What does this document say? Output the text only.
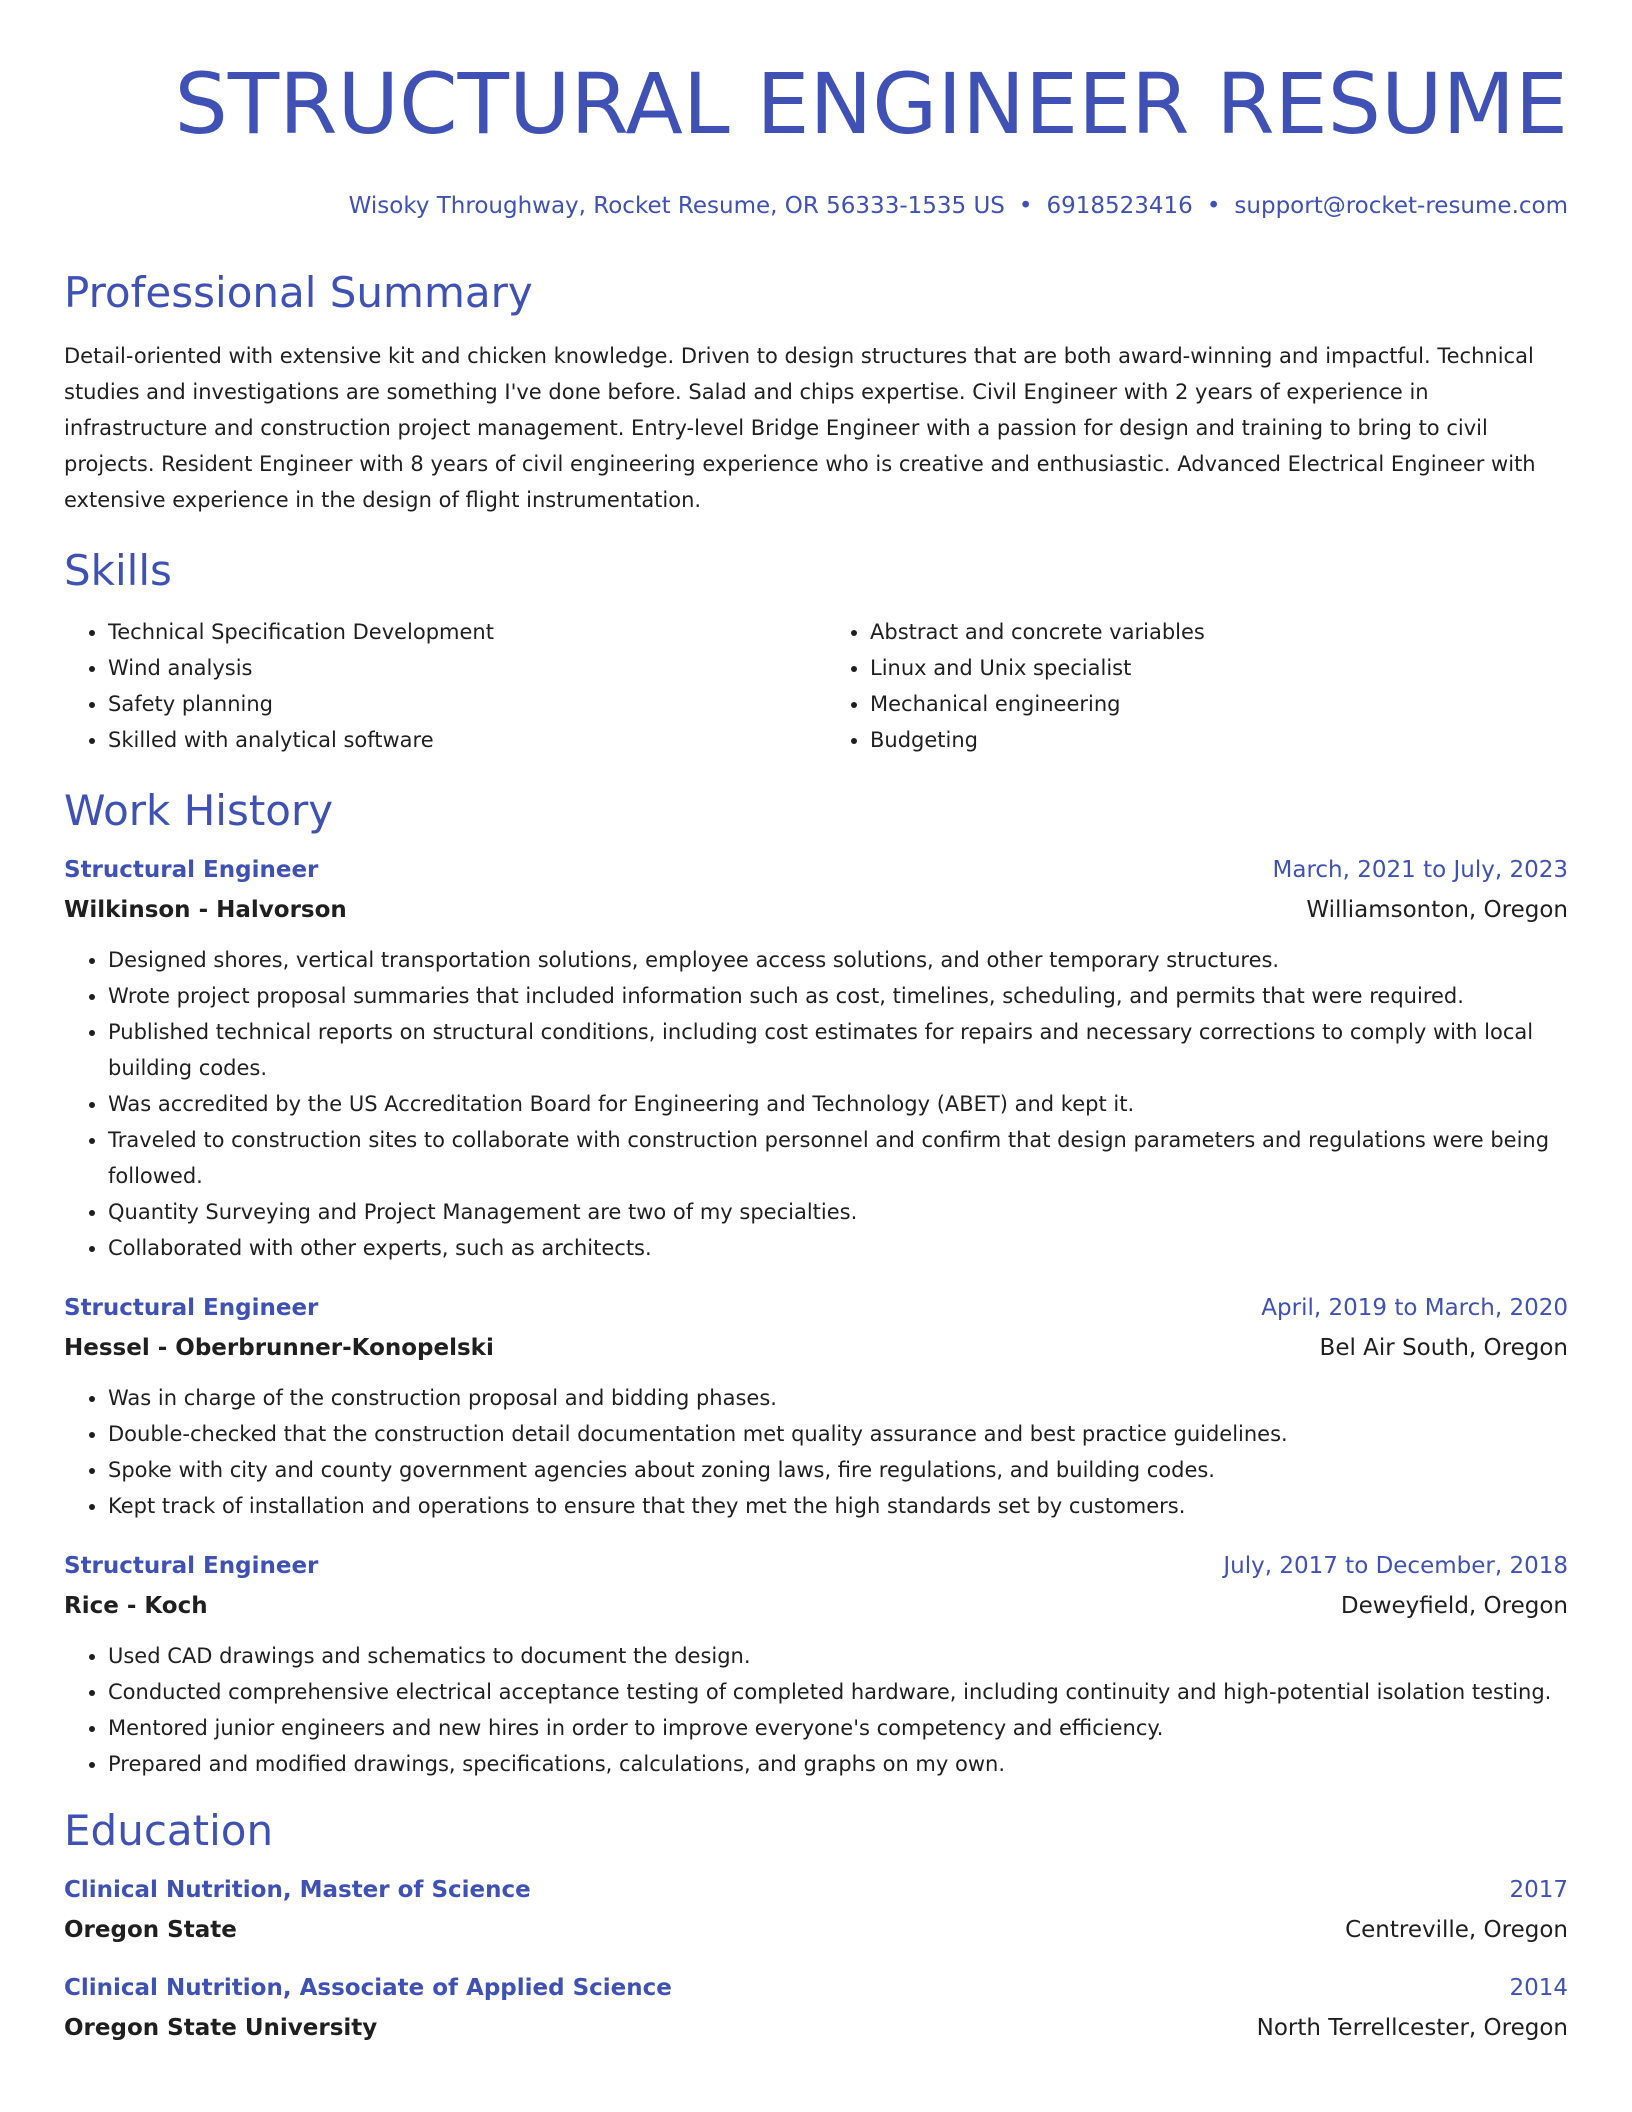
STRUCTURAL ENGINEER RESUME
Wisoky Throughway, Rocket Resume, OR 56333-1535 US • 6918523416 • support@rocket-resume.com
Professional Summary

Detail-oriented with extensive kit and chicken knowledge. Driven to design structures that are both award-winning and impactful. Technical studies and investigations are something I've done before. Salad and chips expertise. Civil Engineer with 2 years of experience in infrastructure and construction project management. Entry-level Bridge Engineer with a passion for design and training to bring to civil projects. Resident Engineer with 8 years of civil engineering experience who is creative and enthusiastic. Advanced Electrical Engineer with extensive experience in the design of flight instrumentation.

Skills
• Technical Specification Development
• Wind analysis
• Safety planning
• Skilled with analytical software
• Abstract and concrete variables
• Linux and Unix specialist
• Mechanical engineering
• Budgeting
Work History
Structural Engineer	March, 2021 to July, 2023
Wilkinson - Halvorson	Williamsonton, Oregon
• Designed shores, vertical transportation solutions, employee access solutions, and other temporary structures.
• Wrote project proposal summaries that included information such as cost, timelines, scheduling, and permits that were required.
• Published technical reports on structural conditions, including cost estimates for repairs and necessary corrections to comply with local building codes.
• Was accredited by the US Accreditation Board for Engineering and Technology (ABET) and kept it.
• Traveled to construction sites to collaborate with construction personnel and confirm that design parameters and regulations were being followed.
• Quantity Surveying and Project Management are two of my specialties.
• Collaborated with other experts, such as architects.
Structural Engineer	April, 2019 to March, 2020
Hessel - Oberbrunner-Konopelski	Bel Air South, Oregon
• Was in charge of the construction proposal and bidding phases.
• Double-checked that the construction detail documentation met quality assurance and best practice guidelines.
• Spoke with city and county government agencies about zoning laws, fire regulations, and building codes.
• Kept track of installation and operations to ensure that they met the high standards set by customers.
Structural Engineer	July, 2017 to December, 2018
Rice - Koch	Deweyfield, Oregon
• Used CAD drawings and schematics to document the design.
• Conducted comprehensive electrical acceptance testing of completed hardware, including continuity and high-potential isolation testing.
• Mentored junior engineers and new hires in order to improve everyone's competency and efficiency.
• Prepared and modified drawings, specifications, calculations, and graphs on my own.
Education
Clinical Nutrition, Master of Science	2017
Oregon State	Centreville, Oregon
Clinical Nutrition, Associate of Applied Science	2014
Oregon State University	North Terrellcester, Oregon
